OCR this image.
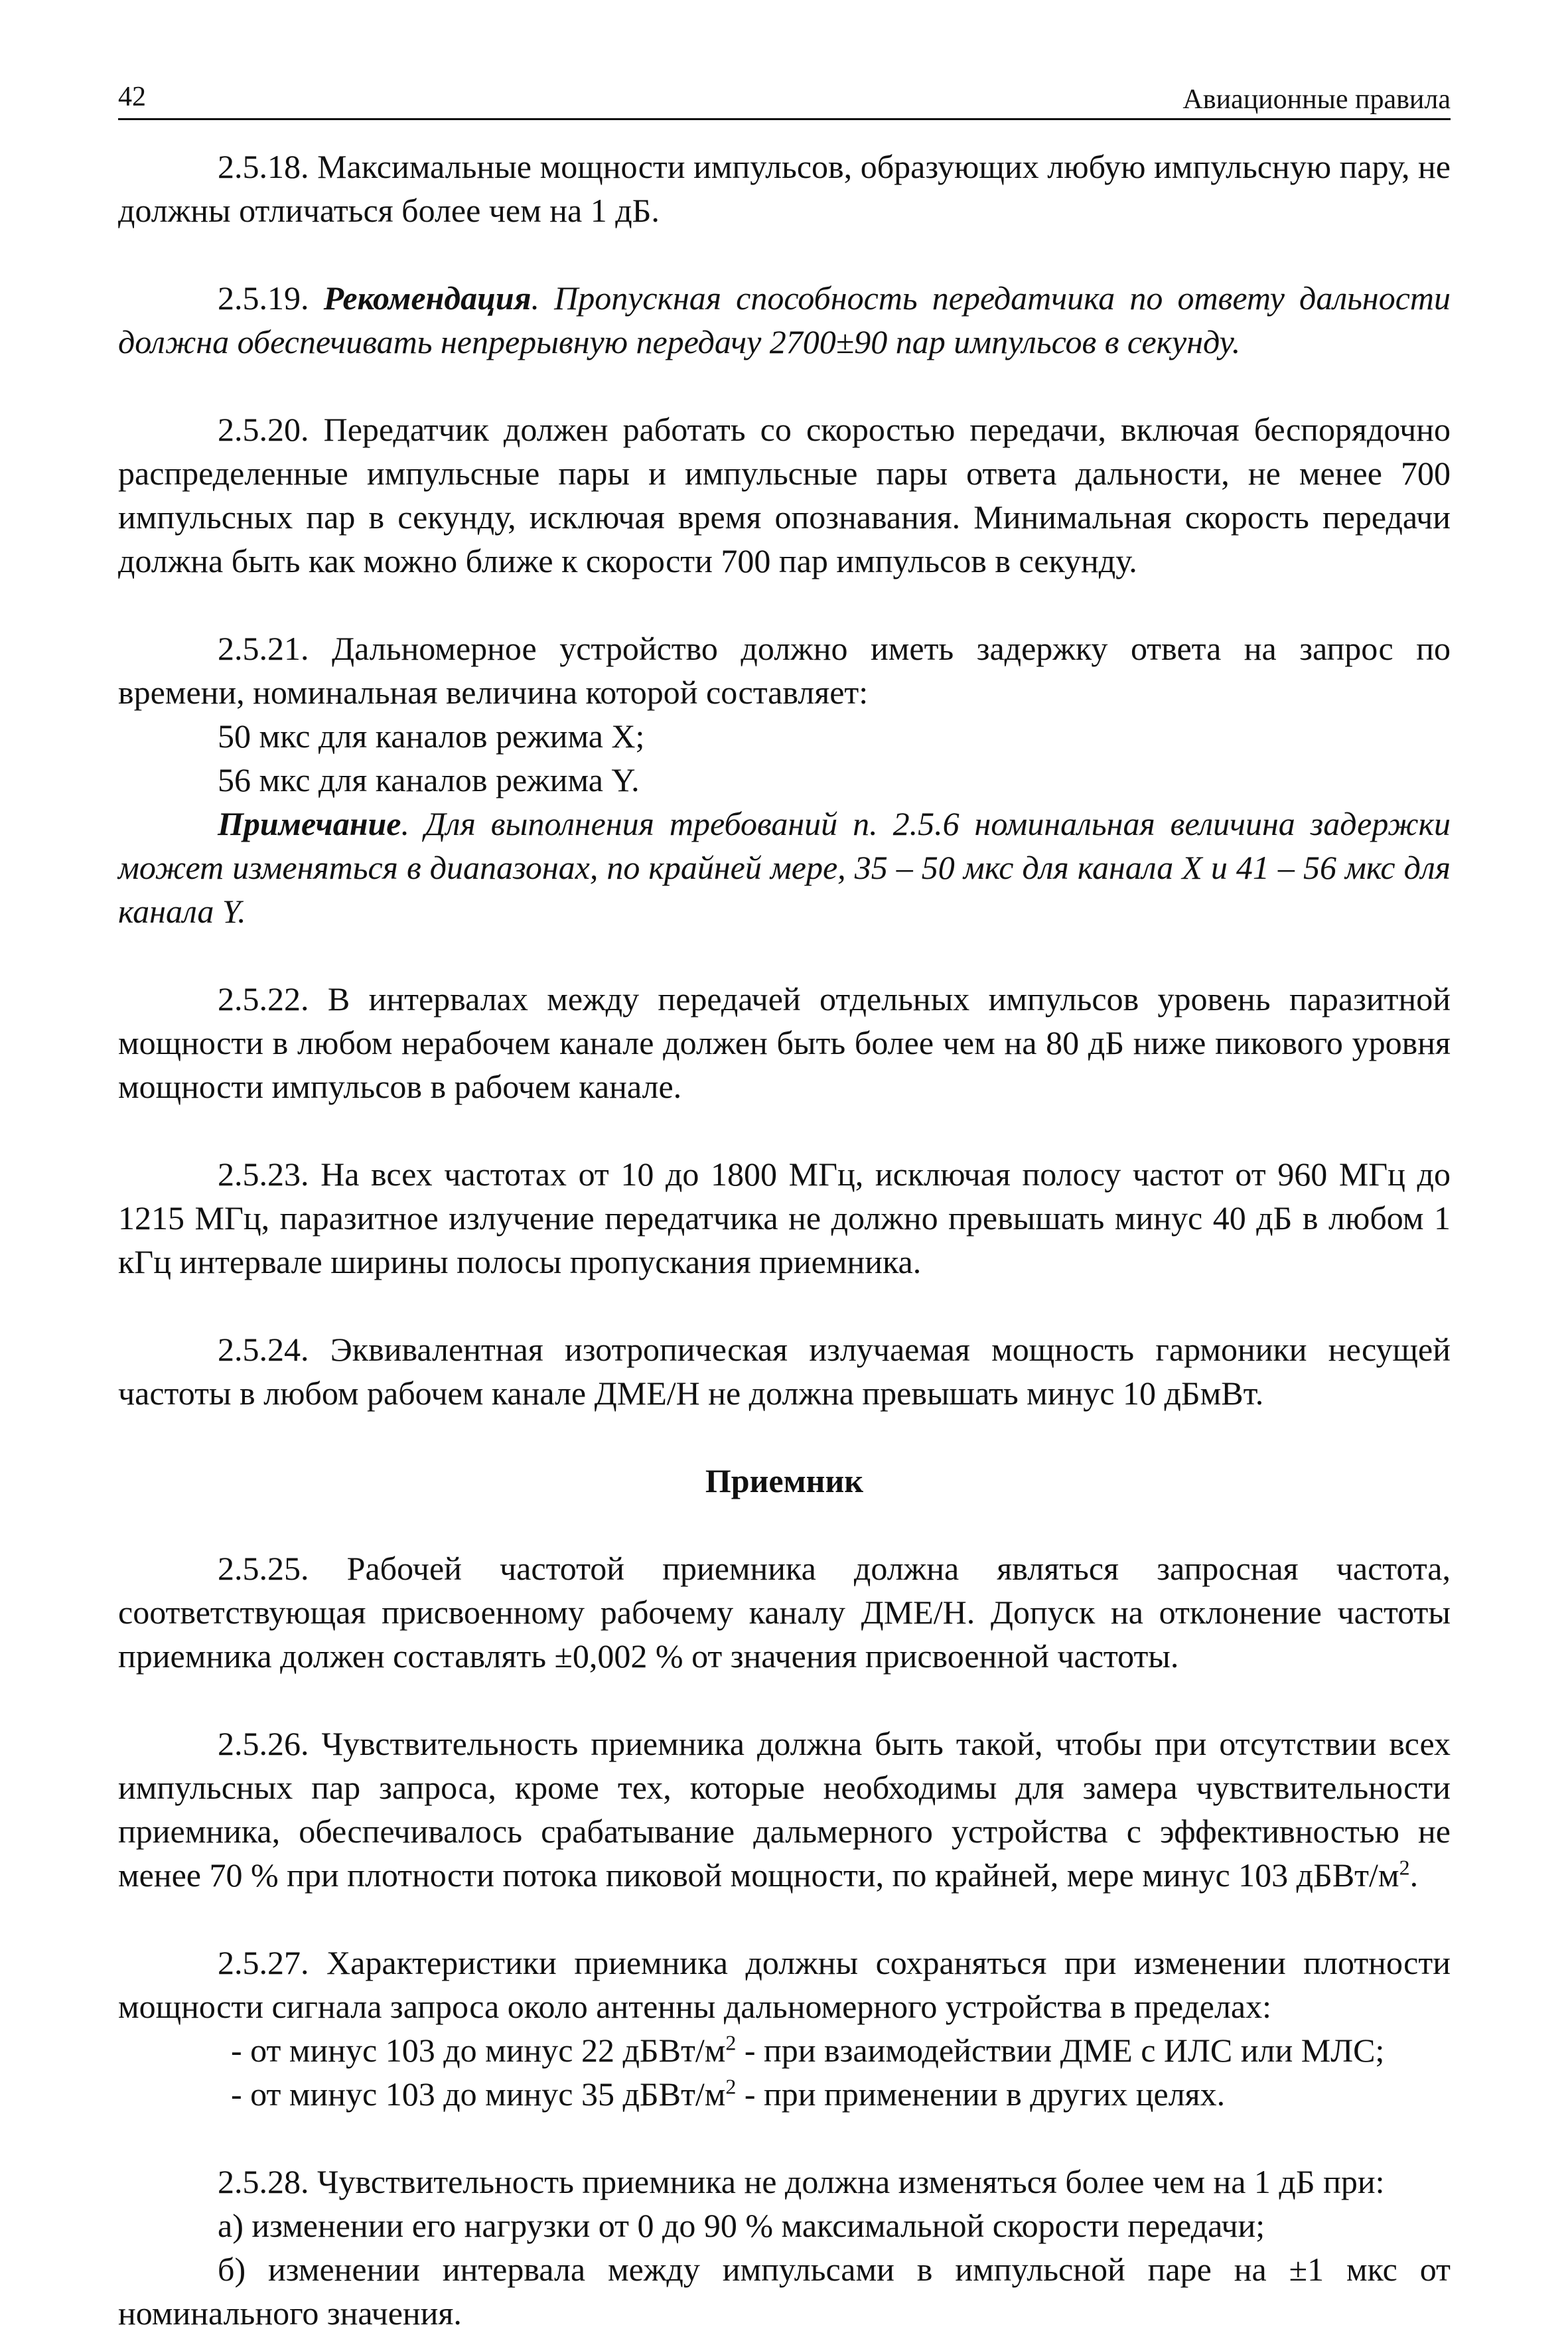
42	Авиационные правила

2.5.18. Максимальные мощности импульсов, образующих любую импульсную пару, не должны отличаться более чем на 1 дБ.

2.5.19. Рекомендация. Пропускная способность передатчика по ответу дальности должна обеспечивать непрерывную передачу 2700±90 пар импульсов в секунду.

2.5.20. Передатчик должен работать со скоростью передачи, включая беспорядочно распределенные импульсные пары и импульсные пары ответа дальности, не менее 700 импульсных пар в секунду, исключая время опознавания. Минимальная скорость передачи должна быть как можно ближе к скорости 700 пар импульсов в секунду.

2.5.21. Дальномерное устройство должно иметь задержку ответа на запрос по времени, номинальная величина которой составляет:

50 мкс для каналов режима X;

56 мкс для каналов режима Y.

Примечание. Для выполнения требований п. 2.5.6 номинальная величина задержки может изменяться в диапазонах, по крайней мере, 35 – 50 мкс для канала X и 41 – 56 мкс для канала Y.

2.5.22. В интервалах между передачей отдельных импульсов уровень паразитной мощности в любом нерабочем канале должен быть более чем на 80 дБ ниже пикового уровня мощности импульсов в рабочем канале.

2.5.23. На всех частотах от 10 до 1800 МГц, исключая полосу частот от 960 МГц до 1215 МГц, паразитное излучение передатчика не должно превышать минус 40 дБ в любом 1 кГц интервале ширины полосы пропускания приемника.

2.5.24. Эквивалентная изотропическая излучаемая мощность гармоники несущей частоты в любом рабочем канале ДМЕ/Н не должна превышать минус 10 дБмВт.

Приемник

2.5.25. Рабочей частотой приемника должна являться запросная частота, соответствующая присвоенному рабочему каналу ДМЕ/Н. Допуск на отклонение частоты приемника должен составлять ±0,002 % от значения присвоенной частоты.

2.5.26. Чувствительность приемника должна быть такой, чтобы при отсутствии всех импульсных пар запроса, кроме тех, которые необходимы для замера чувствительности приемника, обеспечивалось срабатывание дальмерного устройства с эффективностью не менее 70 % при плотности потока пиковой мощности, по крайней, мере минус 103 дБВт/$м^2$.

2.5.27. Характеристики приемника должны сохраняться при изменении плотности мощности сигнала запроса около антенны дальномерного устройства в пределах:

- от минус 103 до минус 22 дБВт/$м^2$ - при взаимодействии ДМЕ с ИЛС или МЛС;

- от минус 103 до минус 35 дБВт/$м^2$ - при применении в других целях.

2.5.28. Чувствительность приемника не должна изменяться более чем на 1 дБ при:

а) изменении его нагрузки от 0 до 90 % максимальной скорости передачи;

б) изменении интервала между импульсами в импульсной паре на ±1 мкс от номинального значения.
